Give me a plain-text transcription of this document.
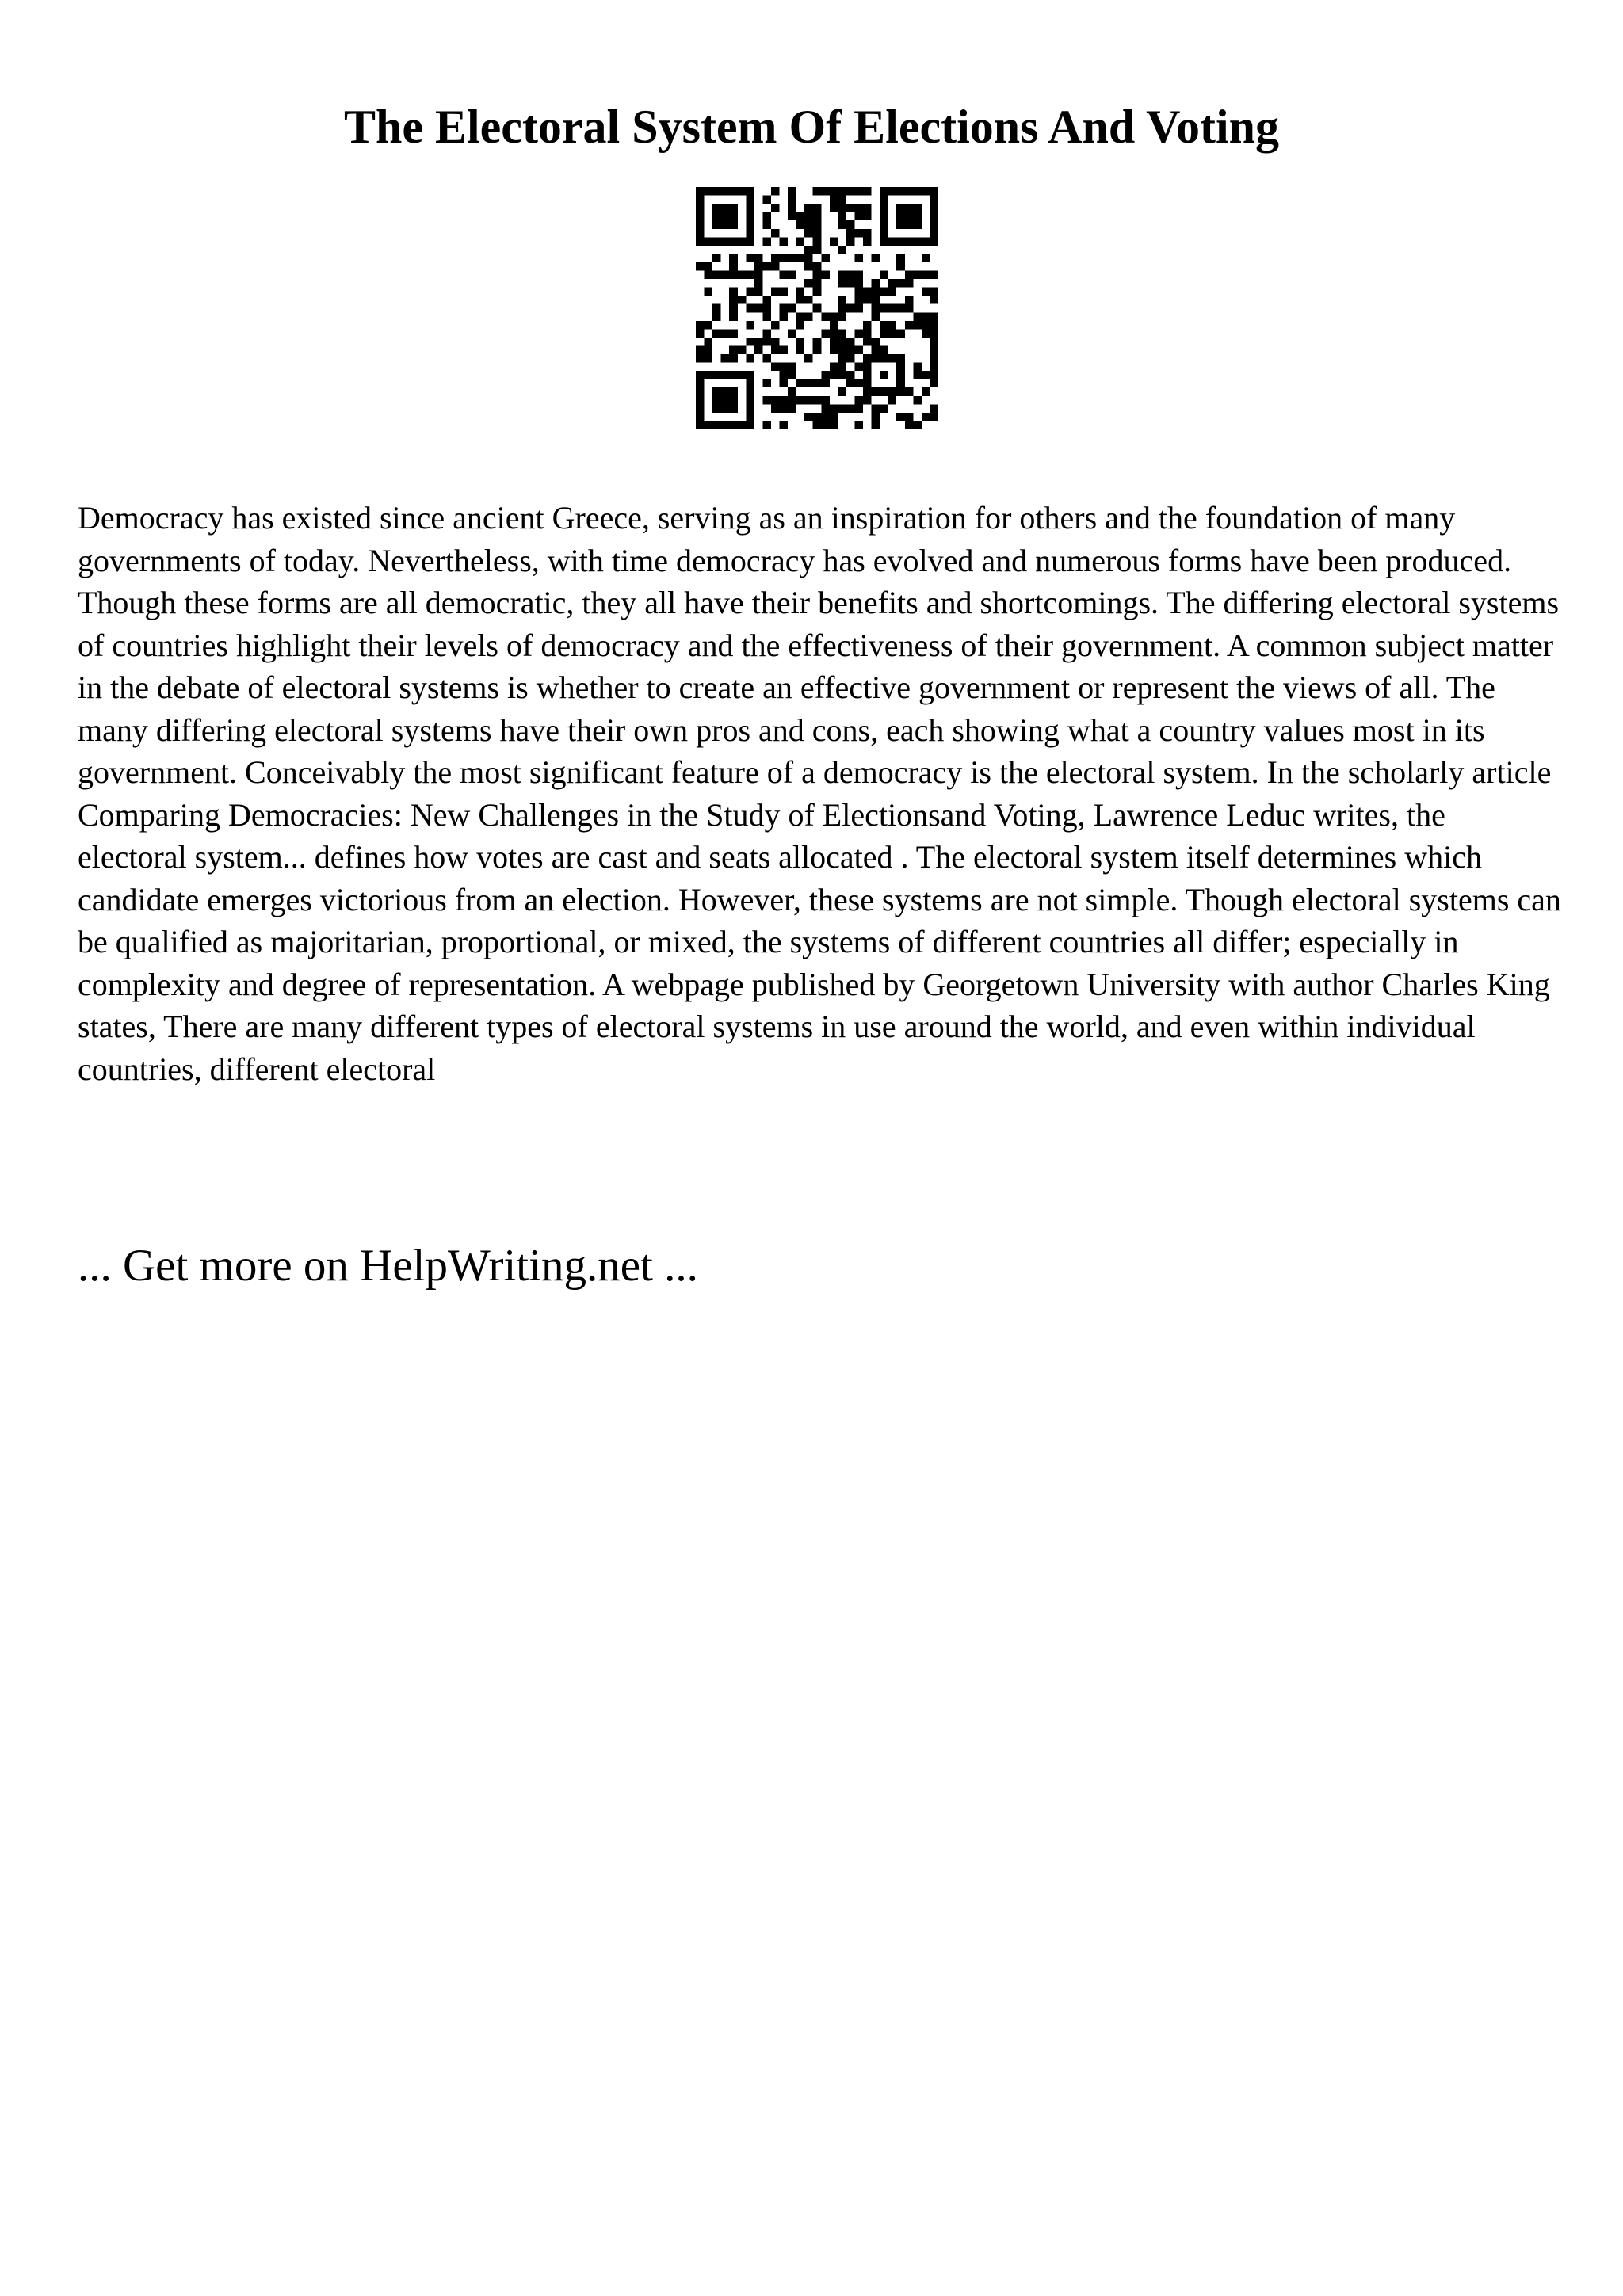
The Electoral System Of Elections And Voting

Democracy has existed since ancient Greece, serving as an inspiration for others and the foundation of many governments of today. Nevertheless, with time democracy has evolved and numerous forms have been produced. Though these forms are all democratic, they all have their benefits and shortcomings. The differing electoral systems of countries highlight their levels of democracy and the effectiveness of their government. A common subject matter in the debate of electoral systems is whether to create an effective government or represent the views of all. The many differing electoral systems have their own pros and cons, each showing what a country values most in its government. Conceivably the most significant feature of a democracy is the electoral system. In the scholarly article Comparing Democracies: New Challenges in the Study of Electionsand Voting, Lawrence Leduc writes, the electoral system... defines how votes are cast and seats allocated . The electoral system itself determines which candidate emerges victorious from an election. However, these systems are not simple. Though electoral systems can be qualified as majoritarian, proportional, or mixed, the systems of different countries all differ; especially in complexity and degree of representation. A webpage published by Georgetown University with author Charles King states, There are many different types of electoral systems in use around the world, and even within individual countries, different electoral

... Get more on HelpWriting.net ...
